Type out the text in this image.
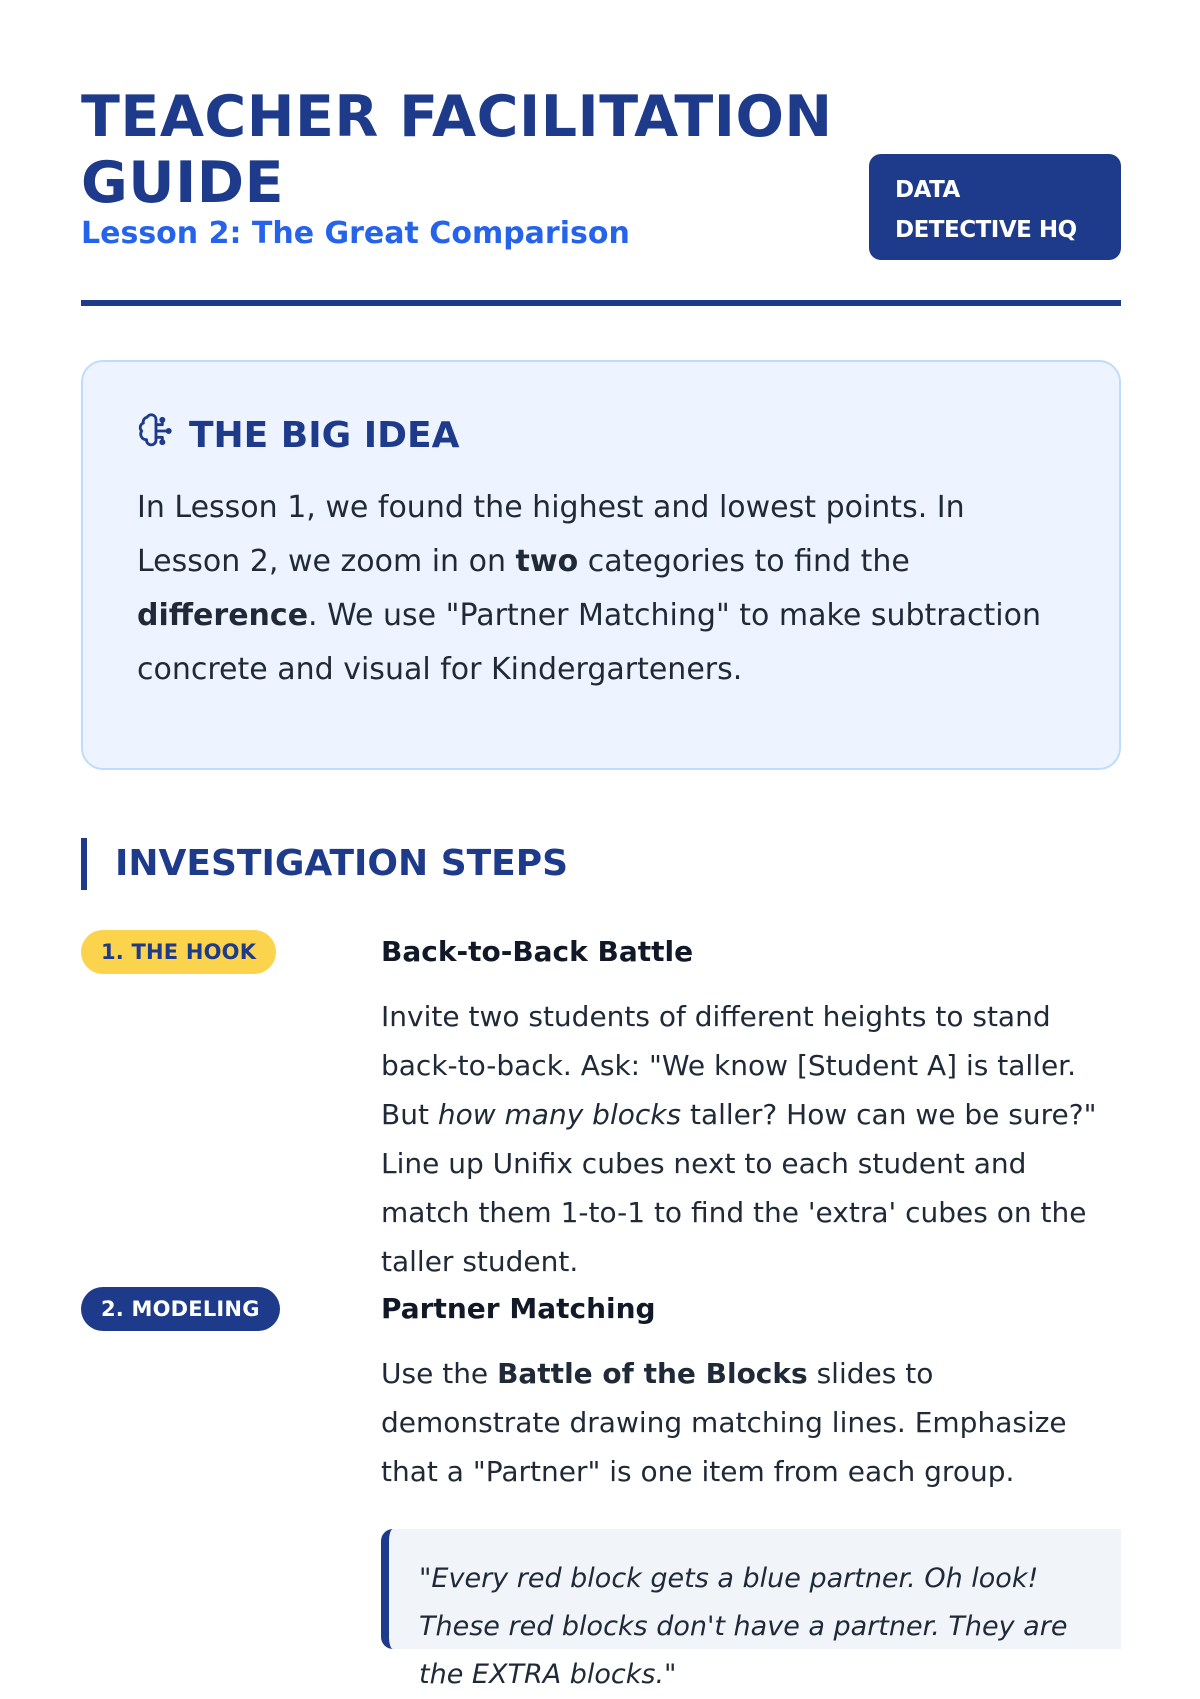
TEACHER FACILITATION GUIDE

Lesson 2: The Great Comparison

DATA
DETECTIVE HQ
THE BIG IDEA

In Lesson 1, we found the highest and lowest points. In Lesson 2, we zoom in on two categories to find the difference. We use "Partner Matching" to make subtraction concrete and visual for Kindergarteners.

INVESTIGATION STEPS
1. THE HOOK	Back-to-Back Battle

Invite two students of different heights to stand back-to-back. Ask: "We know [Student A] is taller. But how many blocks taller? How can we be sure?" Line up Unifix cubes next to each student and match them 1-to-1 to find the 'extra' cubes on the taller student.

2. MODELING	Partner Matching

Use the Battle of the Blocks slides to demonstrate drawing matching lines. Emphasize that a "Partner" is one item from each group.

"Every red block gets a blue partner. Oh look! These red blocks don't have a partner. They are the EXTRA blocks."
